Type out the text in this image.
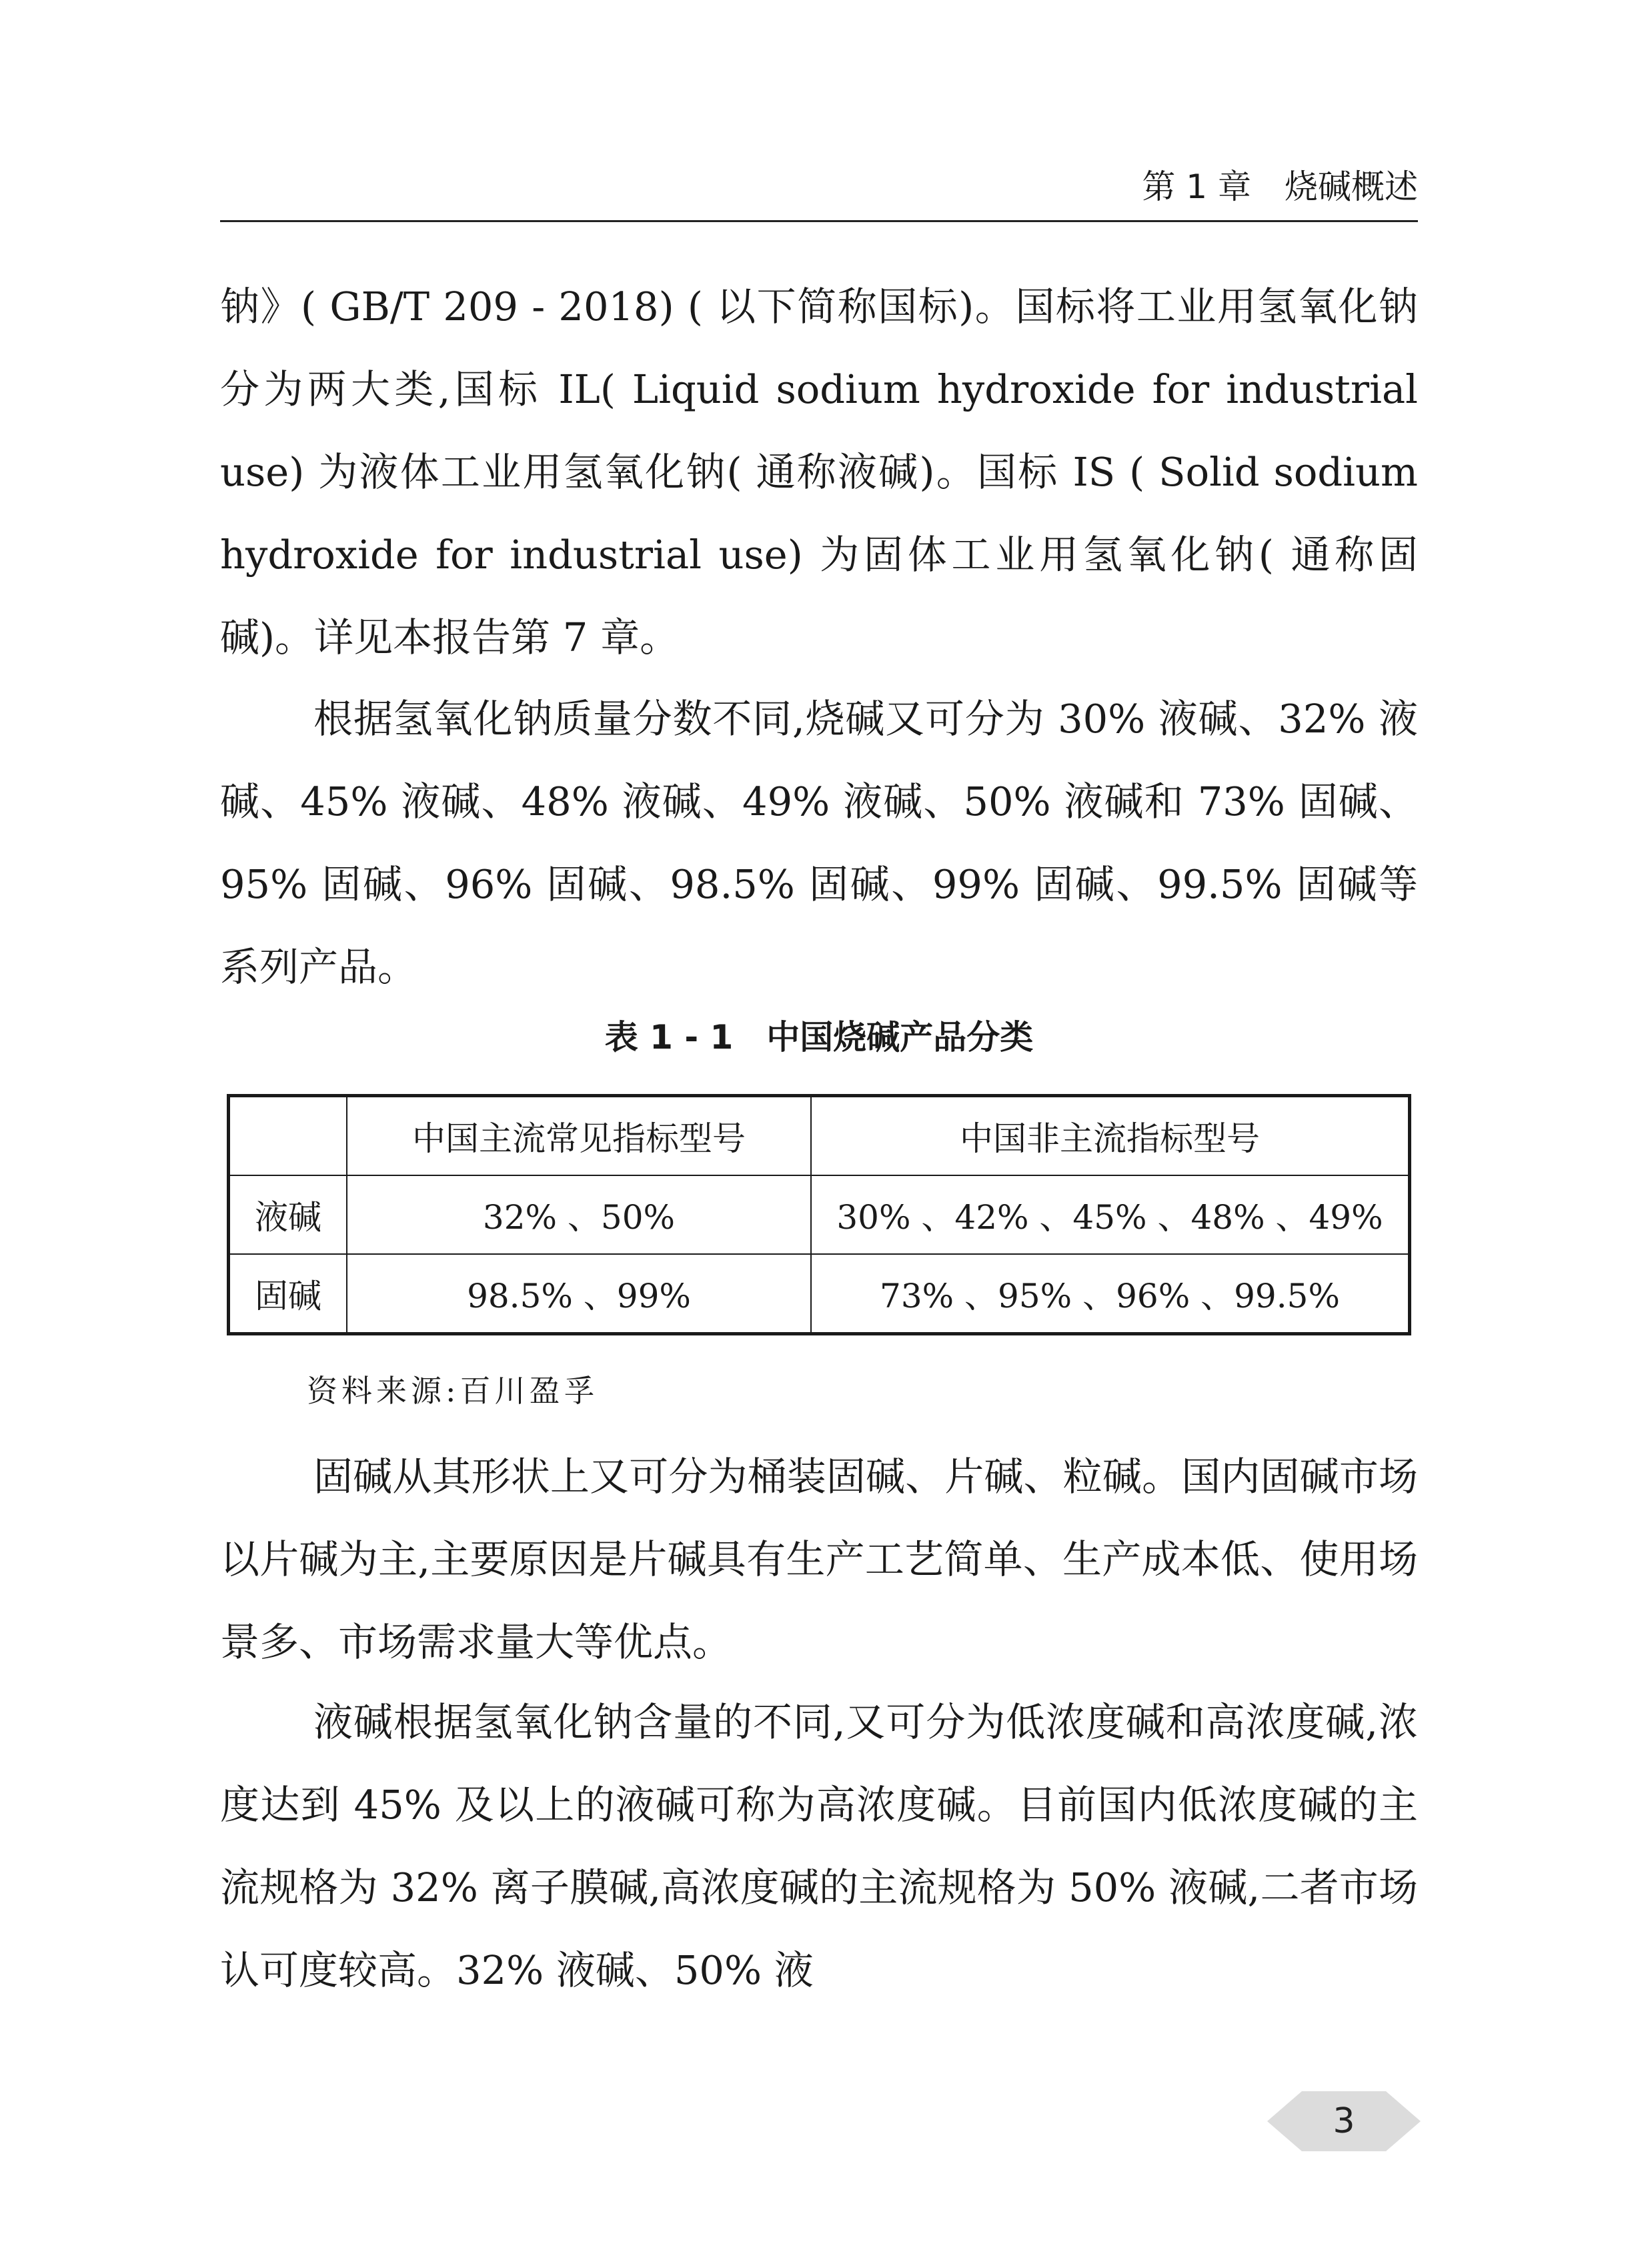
第 1 章　烧碱概述

钠》( GB/T 209 - 2018) ( 以下简称国标)。国标将工业用氢氧化钠分为两大类,国标 IL( Liquid sodium hydroxide for industrial use) 为液体工业用氢氧化钠( 通称液碱)。国标 IS ( Solid sodium hydroxide for industrial use) 为固体工业用氢氧化钠( 通称固碱)。详见本报告第 7 章。

根据氢氧化钠质量分数不同,烧碱又可分为 30% 液碱、32% 液碱、45% 液碱、48% 液碱、49% 液碱、50% 液碱和 73% 固碱、95% 固碱、96% 固碱、98.5% 固碱、99% 固碱、99.5% 固碱等系列产品。

表 1 - 1　中国烧碱产品分类
	中国主流常见指标型号	中国非主流指标型号
液碱	32% 、50%	30% 、42% 、45% 、48% 、49%
固碱	98.5% 、99%	73% 、95% 、96% 、99.5%
资料来源:百川盈孚

固碱从其形状上又可分为桶装固碱、片碱、粒碱。国内固碱市场以片碱为主,主要原因是片碱具有生产工艺简单、生产成本低、使用场景多、市场需求量大等优点。

液碱根据氢氧化钠含量的不同,又可分为低浓度碱和高浓度碱,浓度达到 45% 及以上的液碱可称为高浓度碱。目前国内低浓度碱的主流规格为 32% 离子膜碱,高浓度碱的主流规格为 50% 液碱,二者市场认可度较高。32% 液碱、50% 液

3
